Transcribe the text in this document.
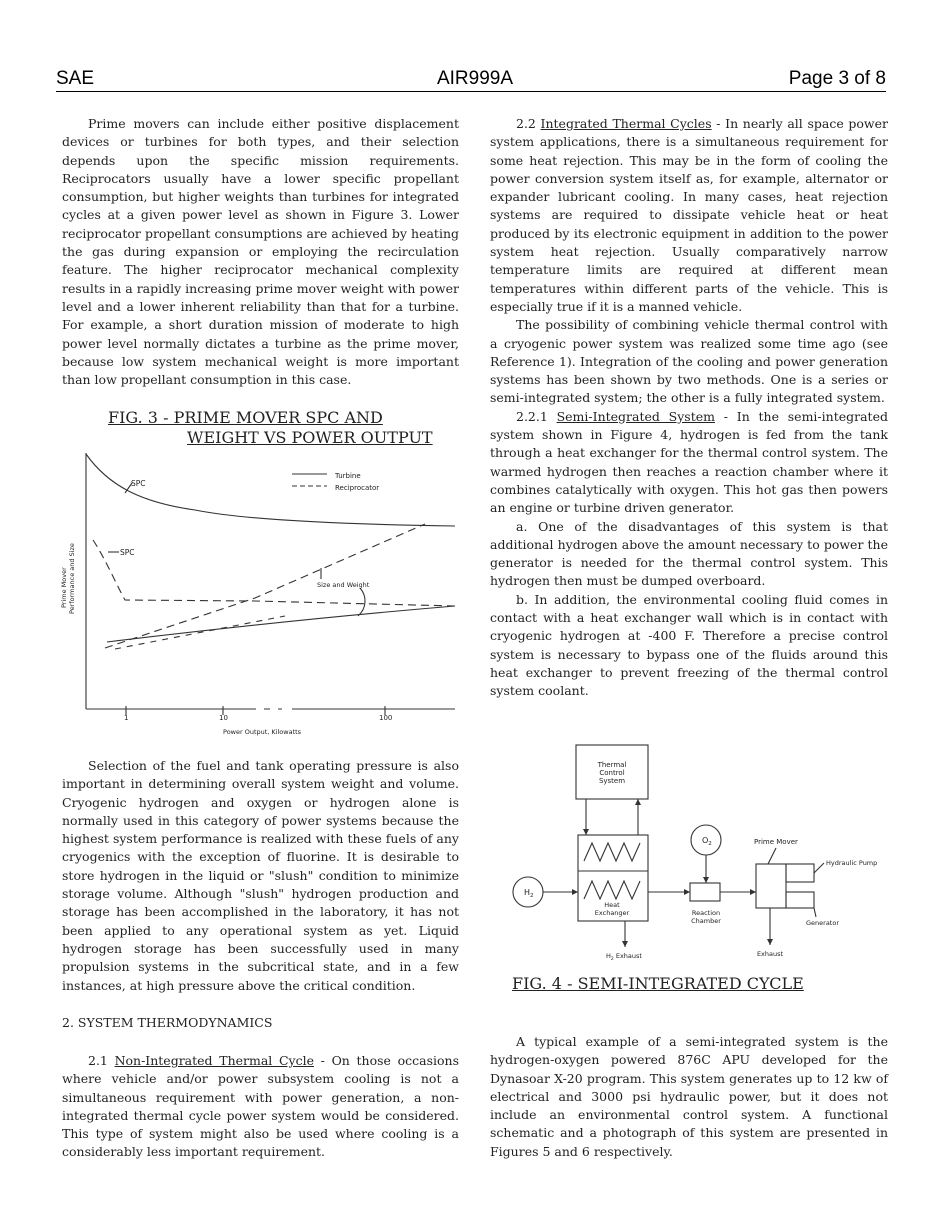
SAE	AIR999A	Page 3 of 8

Prime movers can include either positive displacement devices or turbines for both types, and their selection depends upon the specific mission requirements. Reciprocators usually have a lower specific propellant consumption, but higher weights than turbines for integrated cycles at a given power level as shown in Figure 3. Lower reciprocator propellant consumptions are achieved by heating the gas during expansion or employing the recirculation feature. The higher reciprocator mechanical complexity results in a rapidly increasing prime mover weight with power level and a lower inherent reliability than that for a turbine. For example, a short duration mission of moderate to high power level normally dictates a turbine as the prime mover, because low system mechanical weight is more important than low propellant consumption in this case.

FIG. 3 - PRIME MOVER SPC AND
WEIGHT VS POWER OUTPUT
SPC
SPC
Size and Weight
Turbine
Reciprocator
Prime Mover Performance and Size
1	10	100
Power Output, Kilowatts

Selection of the fuel and tank operating pressure is also important in determining overall system weight and volume. Cryogenic hydrogen and oxygen or hydrogen alone is normally used in this category of power systems because the highest system performance is realized with these fuels of any cryogenics with the exception of fluorine. It is desirable to store hydrogen in the liquid or "slush" condition to minimize storage volume. Although "slush" hydrogen production and storage has been accomplished in the laboratory, it has not been applied to any operational system as yet. Liquid hydrogen storage has been successfully used in many propulsion systems in the subcritical state, and in a few instances, at high pressure above the critical condition.

2. SYSTEM THERMODYNAMICS

2.1 Non-Integrated Thermal Cycle - On those occasions where vehicle and/or power subsystem cooling is not a simultaneous requirement with power generation, a non-integrated thermal cycle power system would be considered. This type of system might also be used where cooling is a considerably less important requirement.

2.2 Integrated Thermal Cycles - In nearly all space power system applications, there is a simultaneous requirement for some heat rejection. This may be in the form of cooling the power conversion system itself as, for example, alternator or expander lubricant cooling. In many cases, heat rejection systems are required to dissipate vehicle heat or heat produced by its electronic equipment in addition to the power system heat rejection. Usually comparatively narrow temperature limits are required at different mean temperatures within different parts of the vehicle. This is especially true if it is a manned vehicle.

The possibility of combining vehicle thermal control with a cryogenic power system was realized some time ago (see Reference 1). Integration of the cooling and power generation systems has been shown by two methods. One is a series or semi-integrated system; the other is a fully integrated system.

2.2.1 Semi-Integrated System - In the semi-integrated system shown in Figure 4, hydrogen is fed from the tank through a heat exchanger for the thermal control system. The warmed hydrogen then reaches a reaction chamber where it combines catalytically with oxygen. This hot gas then powers an engine or turbine driven generator.

a. One of the disadvantages of this system is that additional hydrogen above the amount necessary to power the generator is needed for the thermal control system. This hydrogen then must be dumped overboard.

b. In addition, the environmental cooling fluid comes in contact with a heat exchanger wall which is in contact with cryogenic hydrogen at -400 F. Therefore a precise control system is necessary to bypass one of the fluids around this heat exchanger to prevent freezing of the thermal control system coolant.

Thermal
Control
System
$O_2$
$H_2$
Heat
Exchanger	Reaction
Chamber
Prime Mover
Hydraulic Pump
Generator
$H_2$ Exhaust	Exhaust
FIG. 4 - SEMI-INTEGRATED CYCLE

A typical example of a semi-integrated system is the hydrogen-oxygen powered 876C APU developed for the Dynasoar X-20 program. This system generates up to 12 kw of electrical and 3000 psi hydraulic power, but it does not include an environmental control system. A functional schematic and a photograph of this system are presented in Figures 5 and 6 respectively.
